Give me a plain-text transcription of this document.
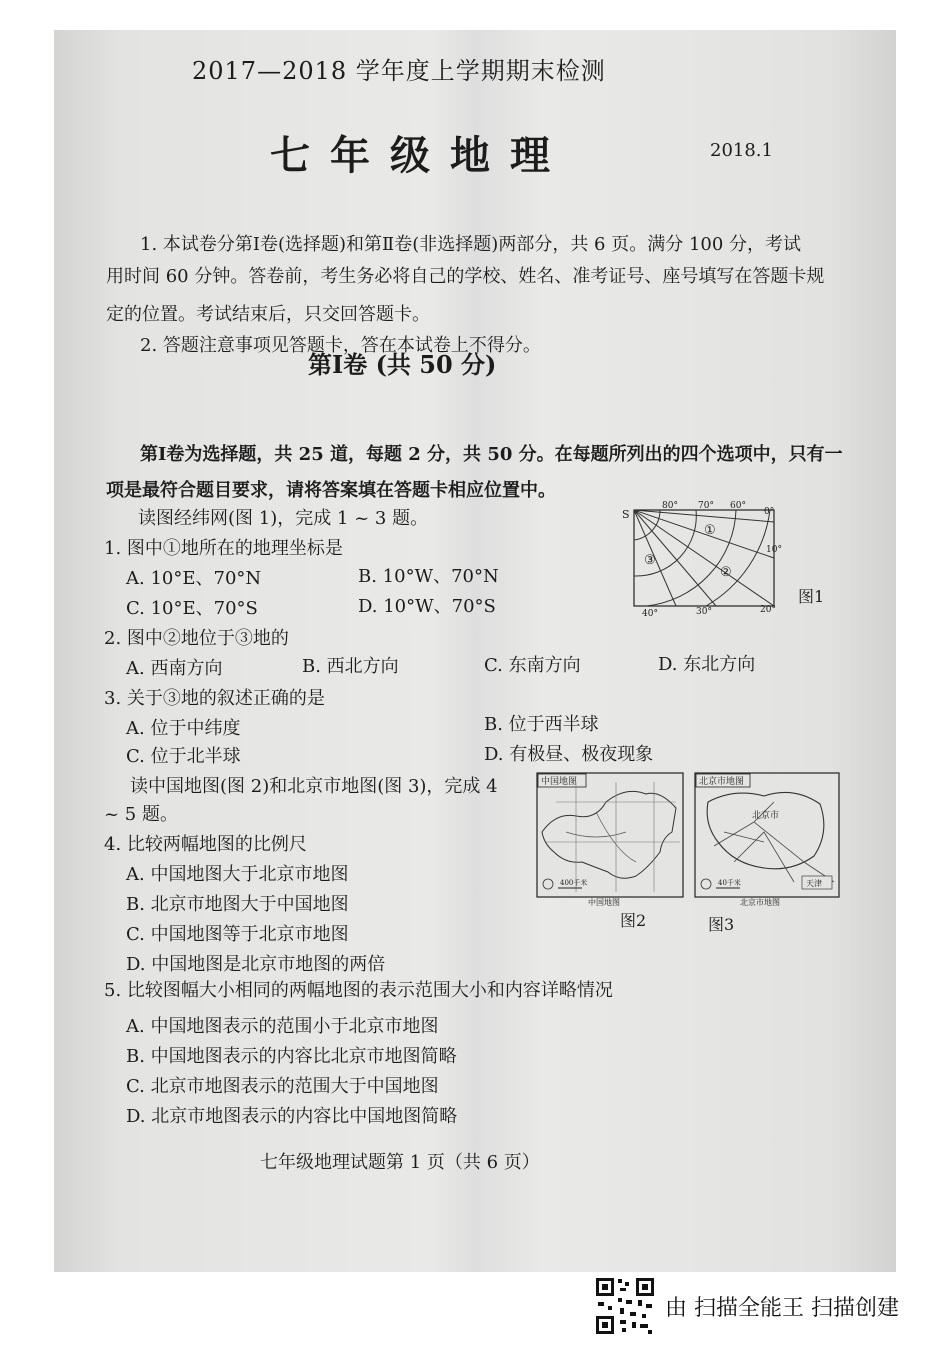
2017—2018 学年度上学期期末检测
七年级地理	2018.1
1. 本试卷分第Ⅰ卷(选择题)和第Ⅱ卷(非选择题)两部分，共 6 页。满分 100 分，考试
用时间 60 分钟。答卷前，考生务必将自己的学校、姓名、准考证号、座号填写在答题卡规
定的位置。考试结束后，只交回答题卡。
2. 答题注意事项见答题卡，答在本试卷上不得分。
第Ⅰ卷 (共 50 分)
第Ⅰ卷为选择题，共 25 道，每题 2 分，共 50 分。在每题所列出的四个选项中，只有一
项是最符合题目要求，请将答案填在答题卡相应位置中。
读图经纬网(图 1)，完成 1 ~ 3 题。
1. 图中①地所在的地理坐标是
A. 10°E、70°N	B. 10°W、70°N
C. 10°E、70°S	D. 10°W、70°S
2. 图中②地位于③地的
A. 西南方向	B. 西北方向	C. 东南方向	D. 东北方向
3. 关于③地的叙述正确的是
A. 位于中纬度	B. 位于西半球
C. 位于北半球	D. 有极昼、极夜现象
读中国地图(图 2)和北京市地图(图 3)，完成 4
~ 5 题。
4. 比较两幅地图的比例尺
A. 中国地图大于北京市地图
B. 北京市地图大于中国地图
C. 中国地图等于北京市地图
D. 中国地图是北京市地图的两倍
5. 比较图幅大小相同的两幅地图的表示范围大小和内容详略情况
A. 中国地图表示的范围小于北京市地图
B. 中国地图表示的内容比北京市地图简略
C. 北京市地图表示的范围大于中国地图
D. 北京市地图表示的内容比中国地图简略
S
80° 70° 60°
0°
10°
40°	30°	20°
①
②
③
图1
中国地图
400千米
中国地图
图2
北京市地图
北京市
天津
40千米
北京市地图
图3
七年级地理试题第 1 页（共 6 页）
由 扫描全能王 扫描创建
